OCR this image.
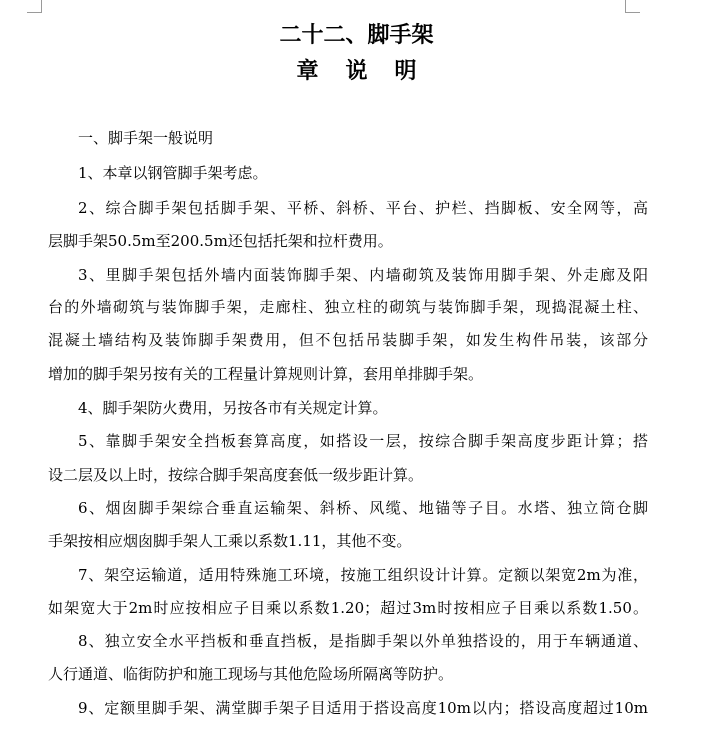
二十二、脚手架
章说明
一、脚手架一般说明
1、本章以钢管脚手架考虑。
2、综合脚手架包括脚手架、平桥、斜桥、平台、护栏、挡脚板、安全网等，高
层脚手架50.5m至200.5m还包括托架和拉杆费用。
3、里脚手架包括外墙内面装饰脚手架、内墙砌筑及装饰用脚手架、外走廊及阳
台的外墙砌筑与装饰脚手架，走廊柱、独立柱的砌筑与装饰脚手架，现捣混凝土柱、
混凝土墙结构及装饰脚手架费用，但不包括吊装脚手架，如发生构件吊装，该部分
增加的脚手架另按有关的工程量计算规则计算，套用单排脚手架。
4、脚手架防火费用，另按各市有关规定计算。
5、靠脚手架安全挡板套算高度，如搭设一层，按综合脚手架高度步距计算；搭
设二层及以上时，按综合脚手架高度套低一级步距计算。
6、烟囱脚手架综合垂直运输架、斜桥、风缆、地锚等子目。水塔、独立筒仓脚
手架按相应烟囱脚手架人工乘以系数1.11，其他不变。
7、架空运输道，适用特殊施工环境，按施工组织设计计算。定额以架宽2m为准，
如架宽大于2m时应按相应子目乘以系数1.20；超过3m时按相应子目乘以系数1.50。
8、独立安全水平挡板和垂直挡板，是指脚手架以外单独搭设的，用于车辆通道、
人行通道、临街防护和施工现场与其他危险场所隔离等防护。
9、定额里脚手架、满堂脚手架子目适用于搭设高度10m以内；搭设高度超过10m
